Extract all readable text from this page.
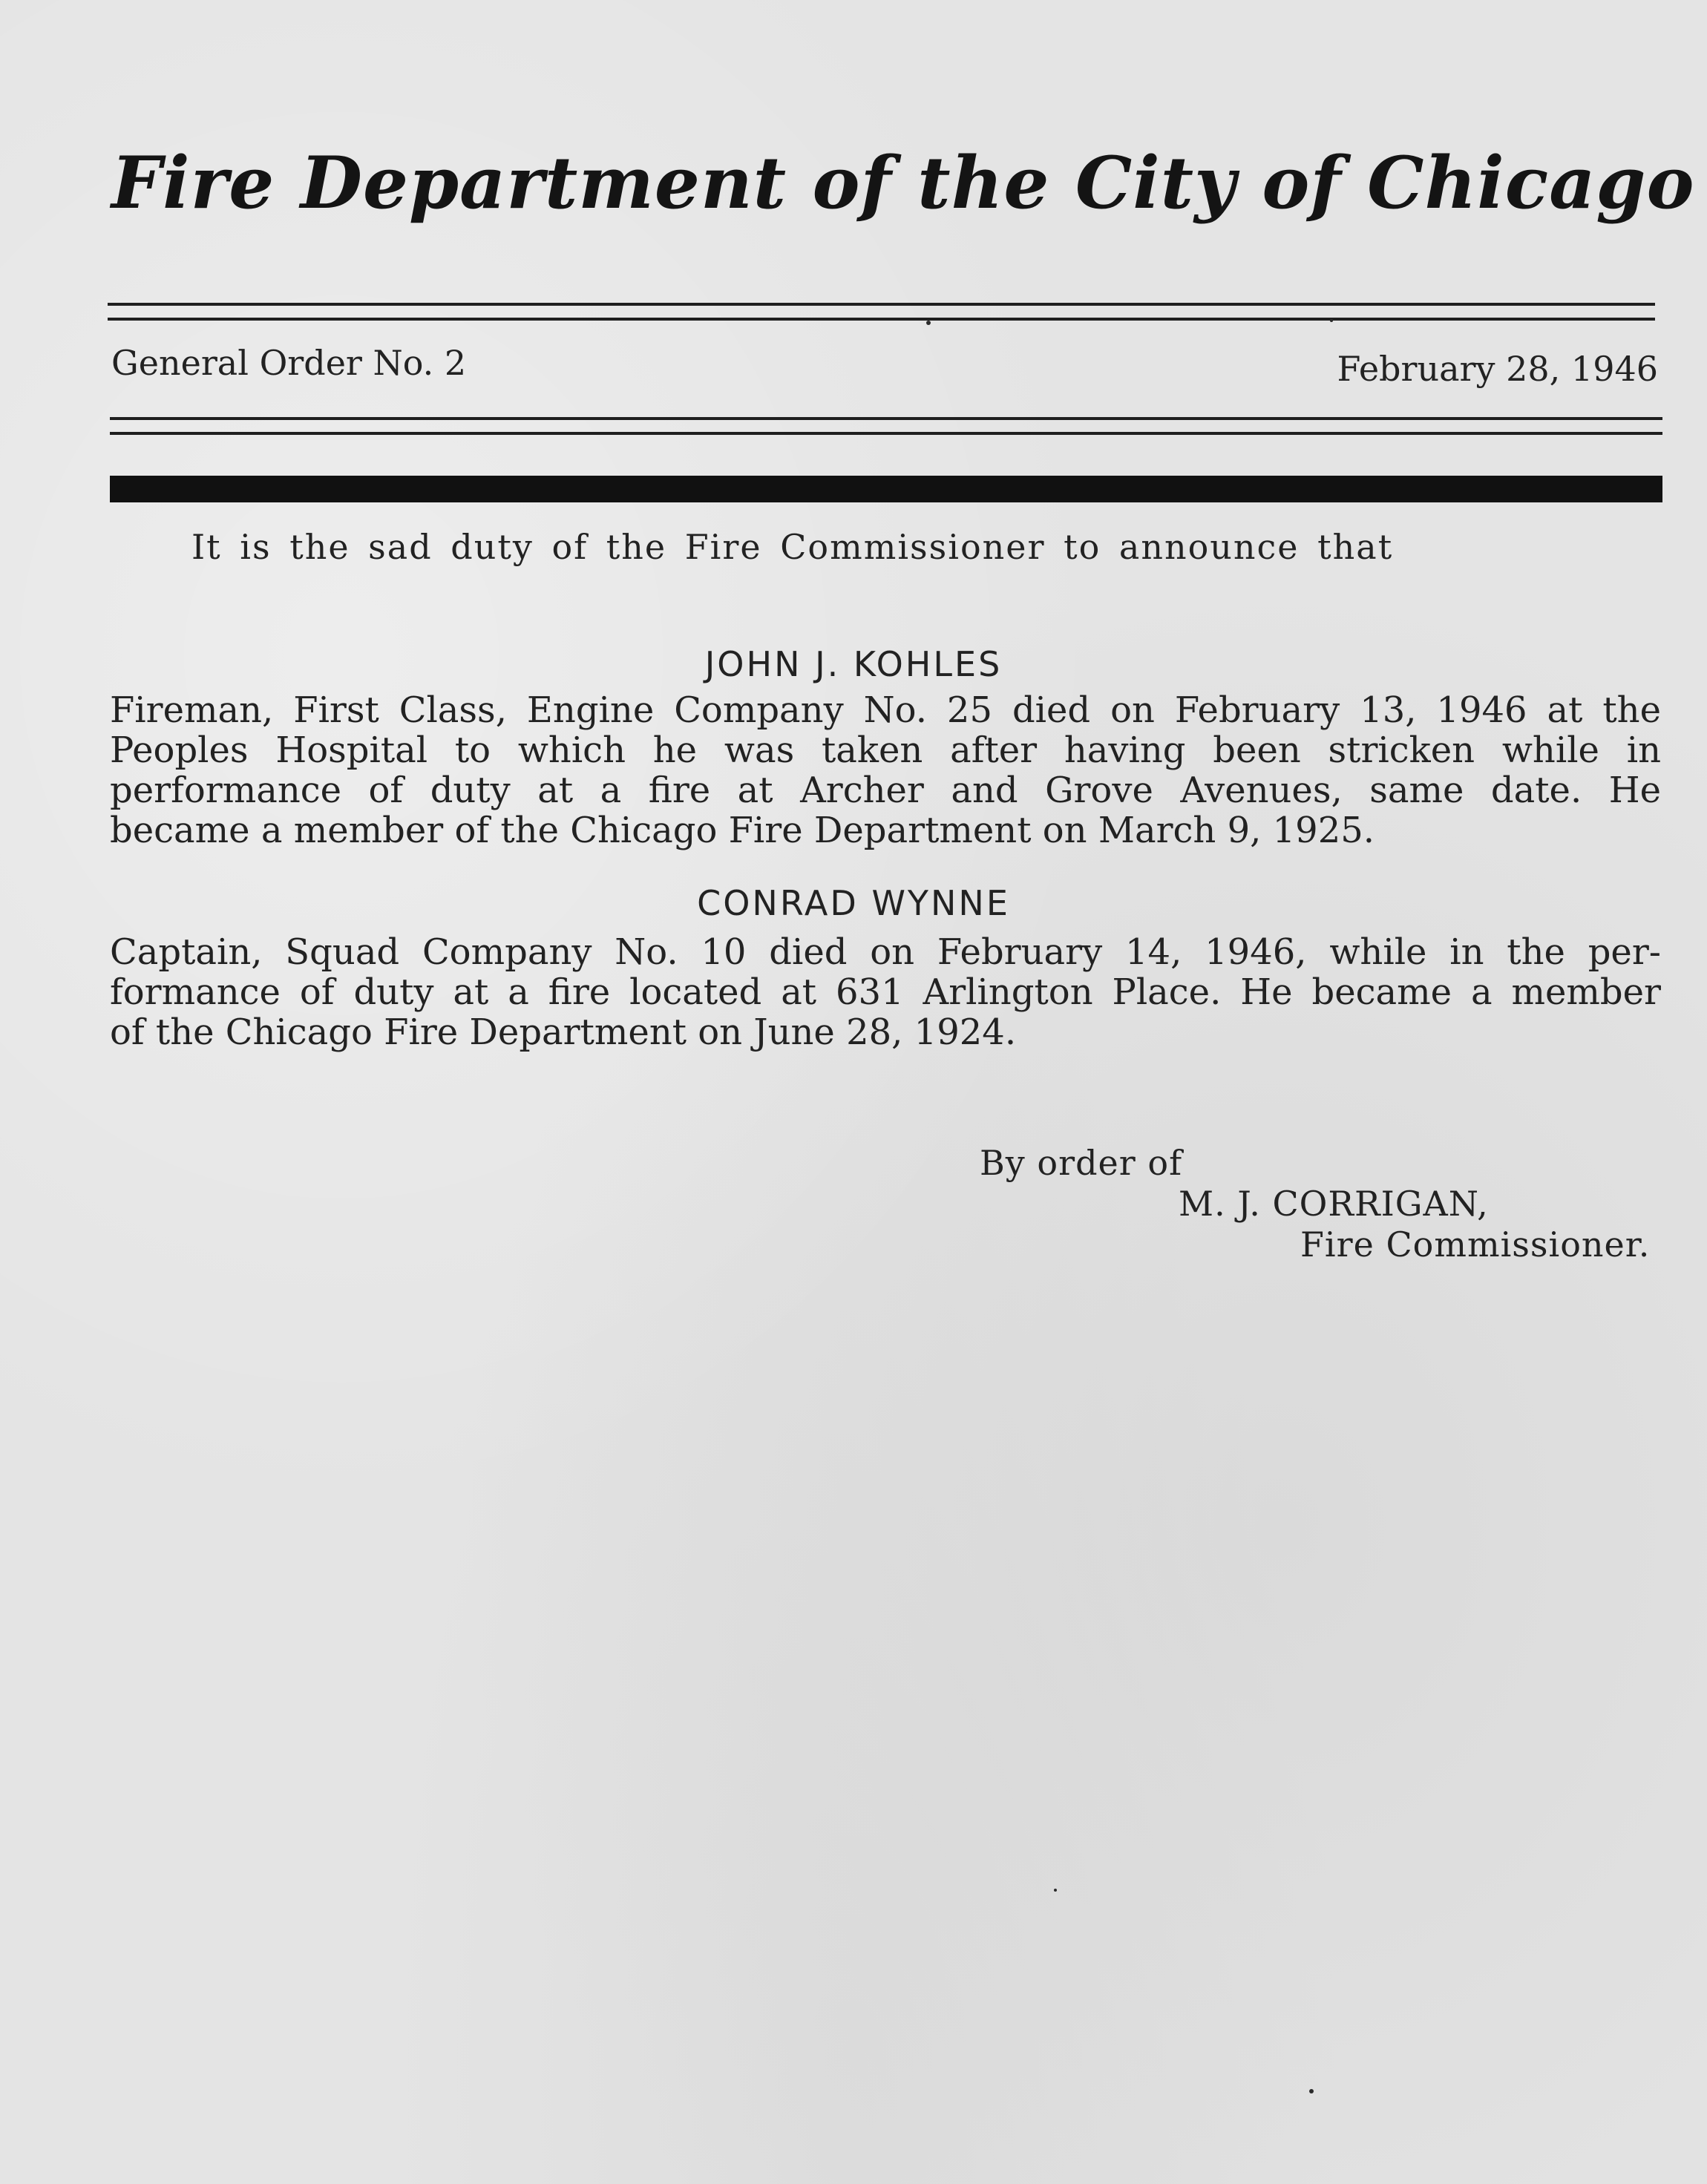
Fire Department of the City of Chicago
General Order No. 2	February 28, 1946
It is the sad duty of the Fire Commissioner to announce that
JOHN J. KOHLES
Fireman, First Class, Engine Company No. 25 died on February 13, 1946 at the
Peoples Hospital to which he was taken after having been stricken while in
performance of duty at a fire at Archer and Grove Avenues, same date. He
became a member of the Chicago Fire Department on March 9, 1925.
CONRAD WYNNE
Captain, Squad Company No. 10 died on February 14, 1946, while in the per-
formance of duty at a fire located at 631 Arlington Place. He became a member
of the Chicago Fire Department on June 28, 1924.
By order of
M. J. CORRIGAN,
Fire Commissioner.
